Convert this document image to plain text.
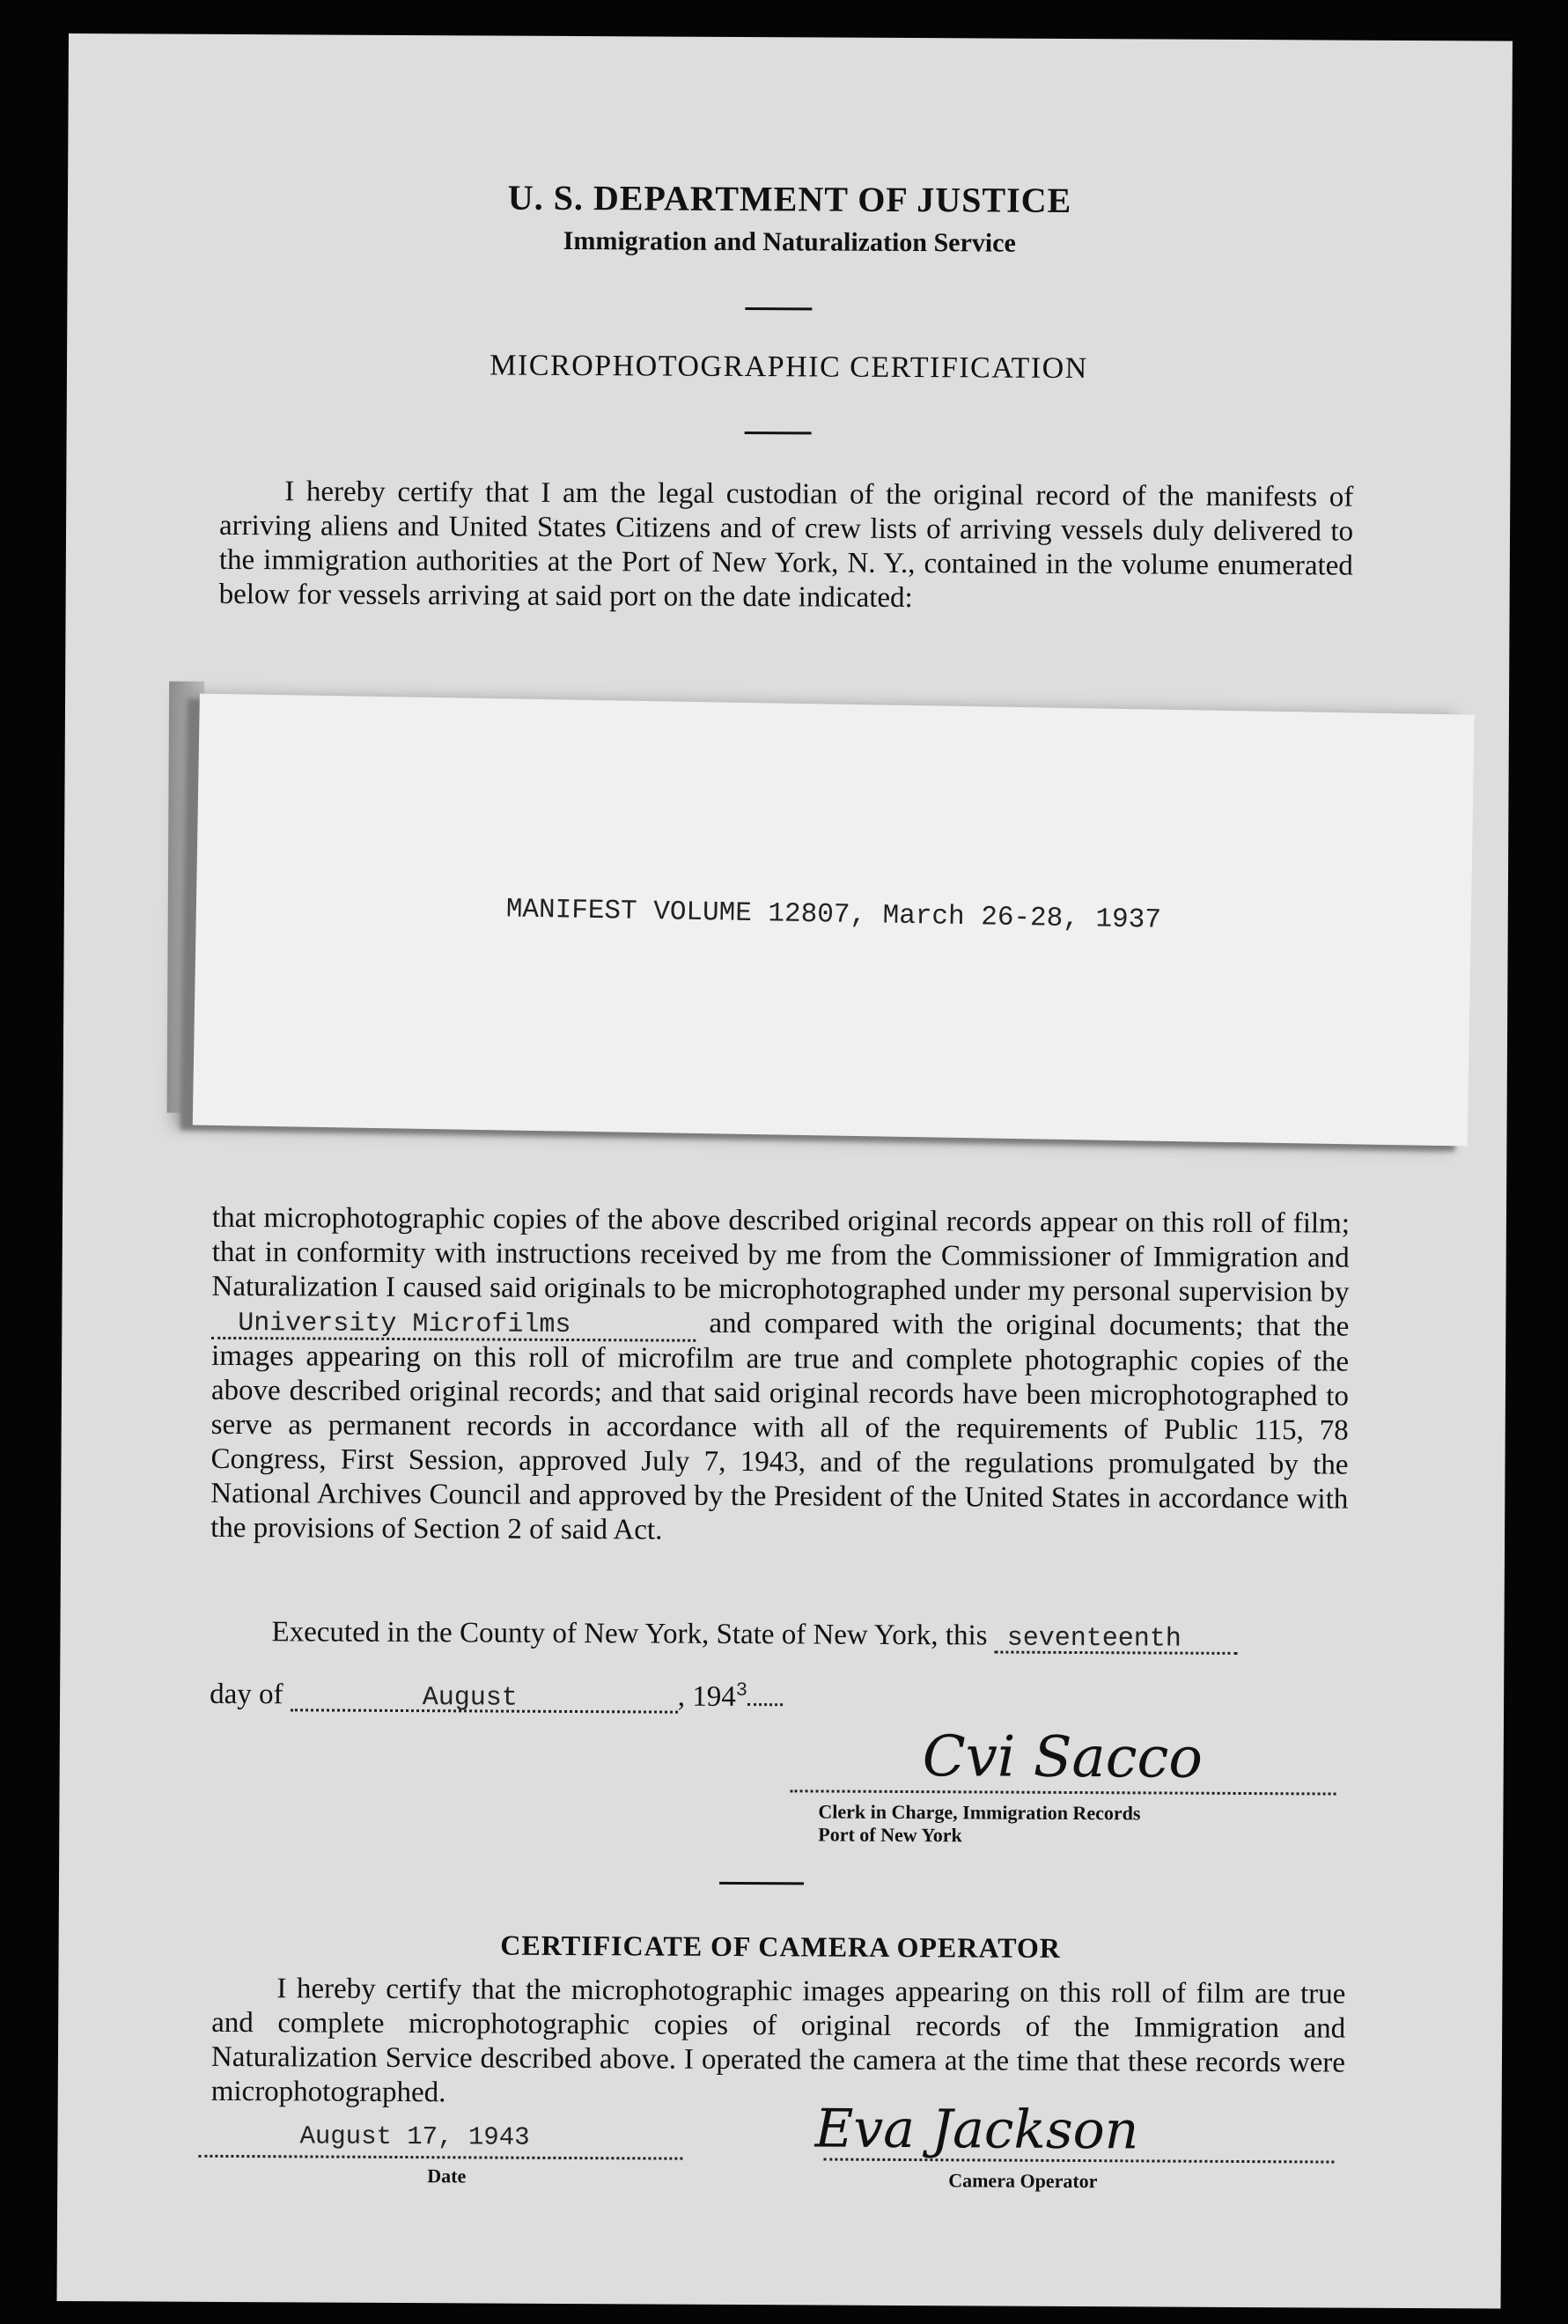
U. S. DEPARTMENT OF JUSTICE
Immigration and Naturalization Service
MICROPHOTOGRAPHIC CERTIFICATION
I hereby certify that I am the legal custodian of the original record of the manifests of arriving aliens and United States Citizens and of crew lists of arriving vessels duly delivered to the immigration authorities at the Port of New York, N. Y., contained in the volume enumerated below for vessels arriving at said port on the date indicated:
MANIFEST VOLUME 12807, March 26-28, 1937
that microphotographic copies of the above described original records appear on this roll of film; that in conformity with instructions received by me from the Commissioner of Immigration and Naturalization I caused said originals to be microphotographed under my personal supervision by University Microfilms	and compared with the original documents; that the images appearing on this roll of microfilm are true and complete photographic copies of the above described original records; and that said original records have been microphotographed to serve as permanent records in accordance with all of the requirements of Public 115, 78 Congress, First Session, approved July 7, 1943, and of the regulations promulgated by the National Archives Council and approved by the President of the United States in accordance with the provisions of Section 2 of said Act.
Executed in the County of New York, State of New York, this seventeenth
day of	August	, $194^3$
Cvi Sacco
Clerk in Charge, Immigration Records
Port of New York
CERTIFICATE OF CAMERA OPERATOR
I hereby certify that the microphotographic images appearing on this roll of film are true and complete microphotographic copies of original records of the Immigration and Naturalization Service described above. I operated the camera at the time that these records were microphotographed.
August 17, 1943
Date
Eva Jackson
Camera Operator
